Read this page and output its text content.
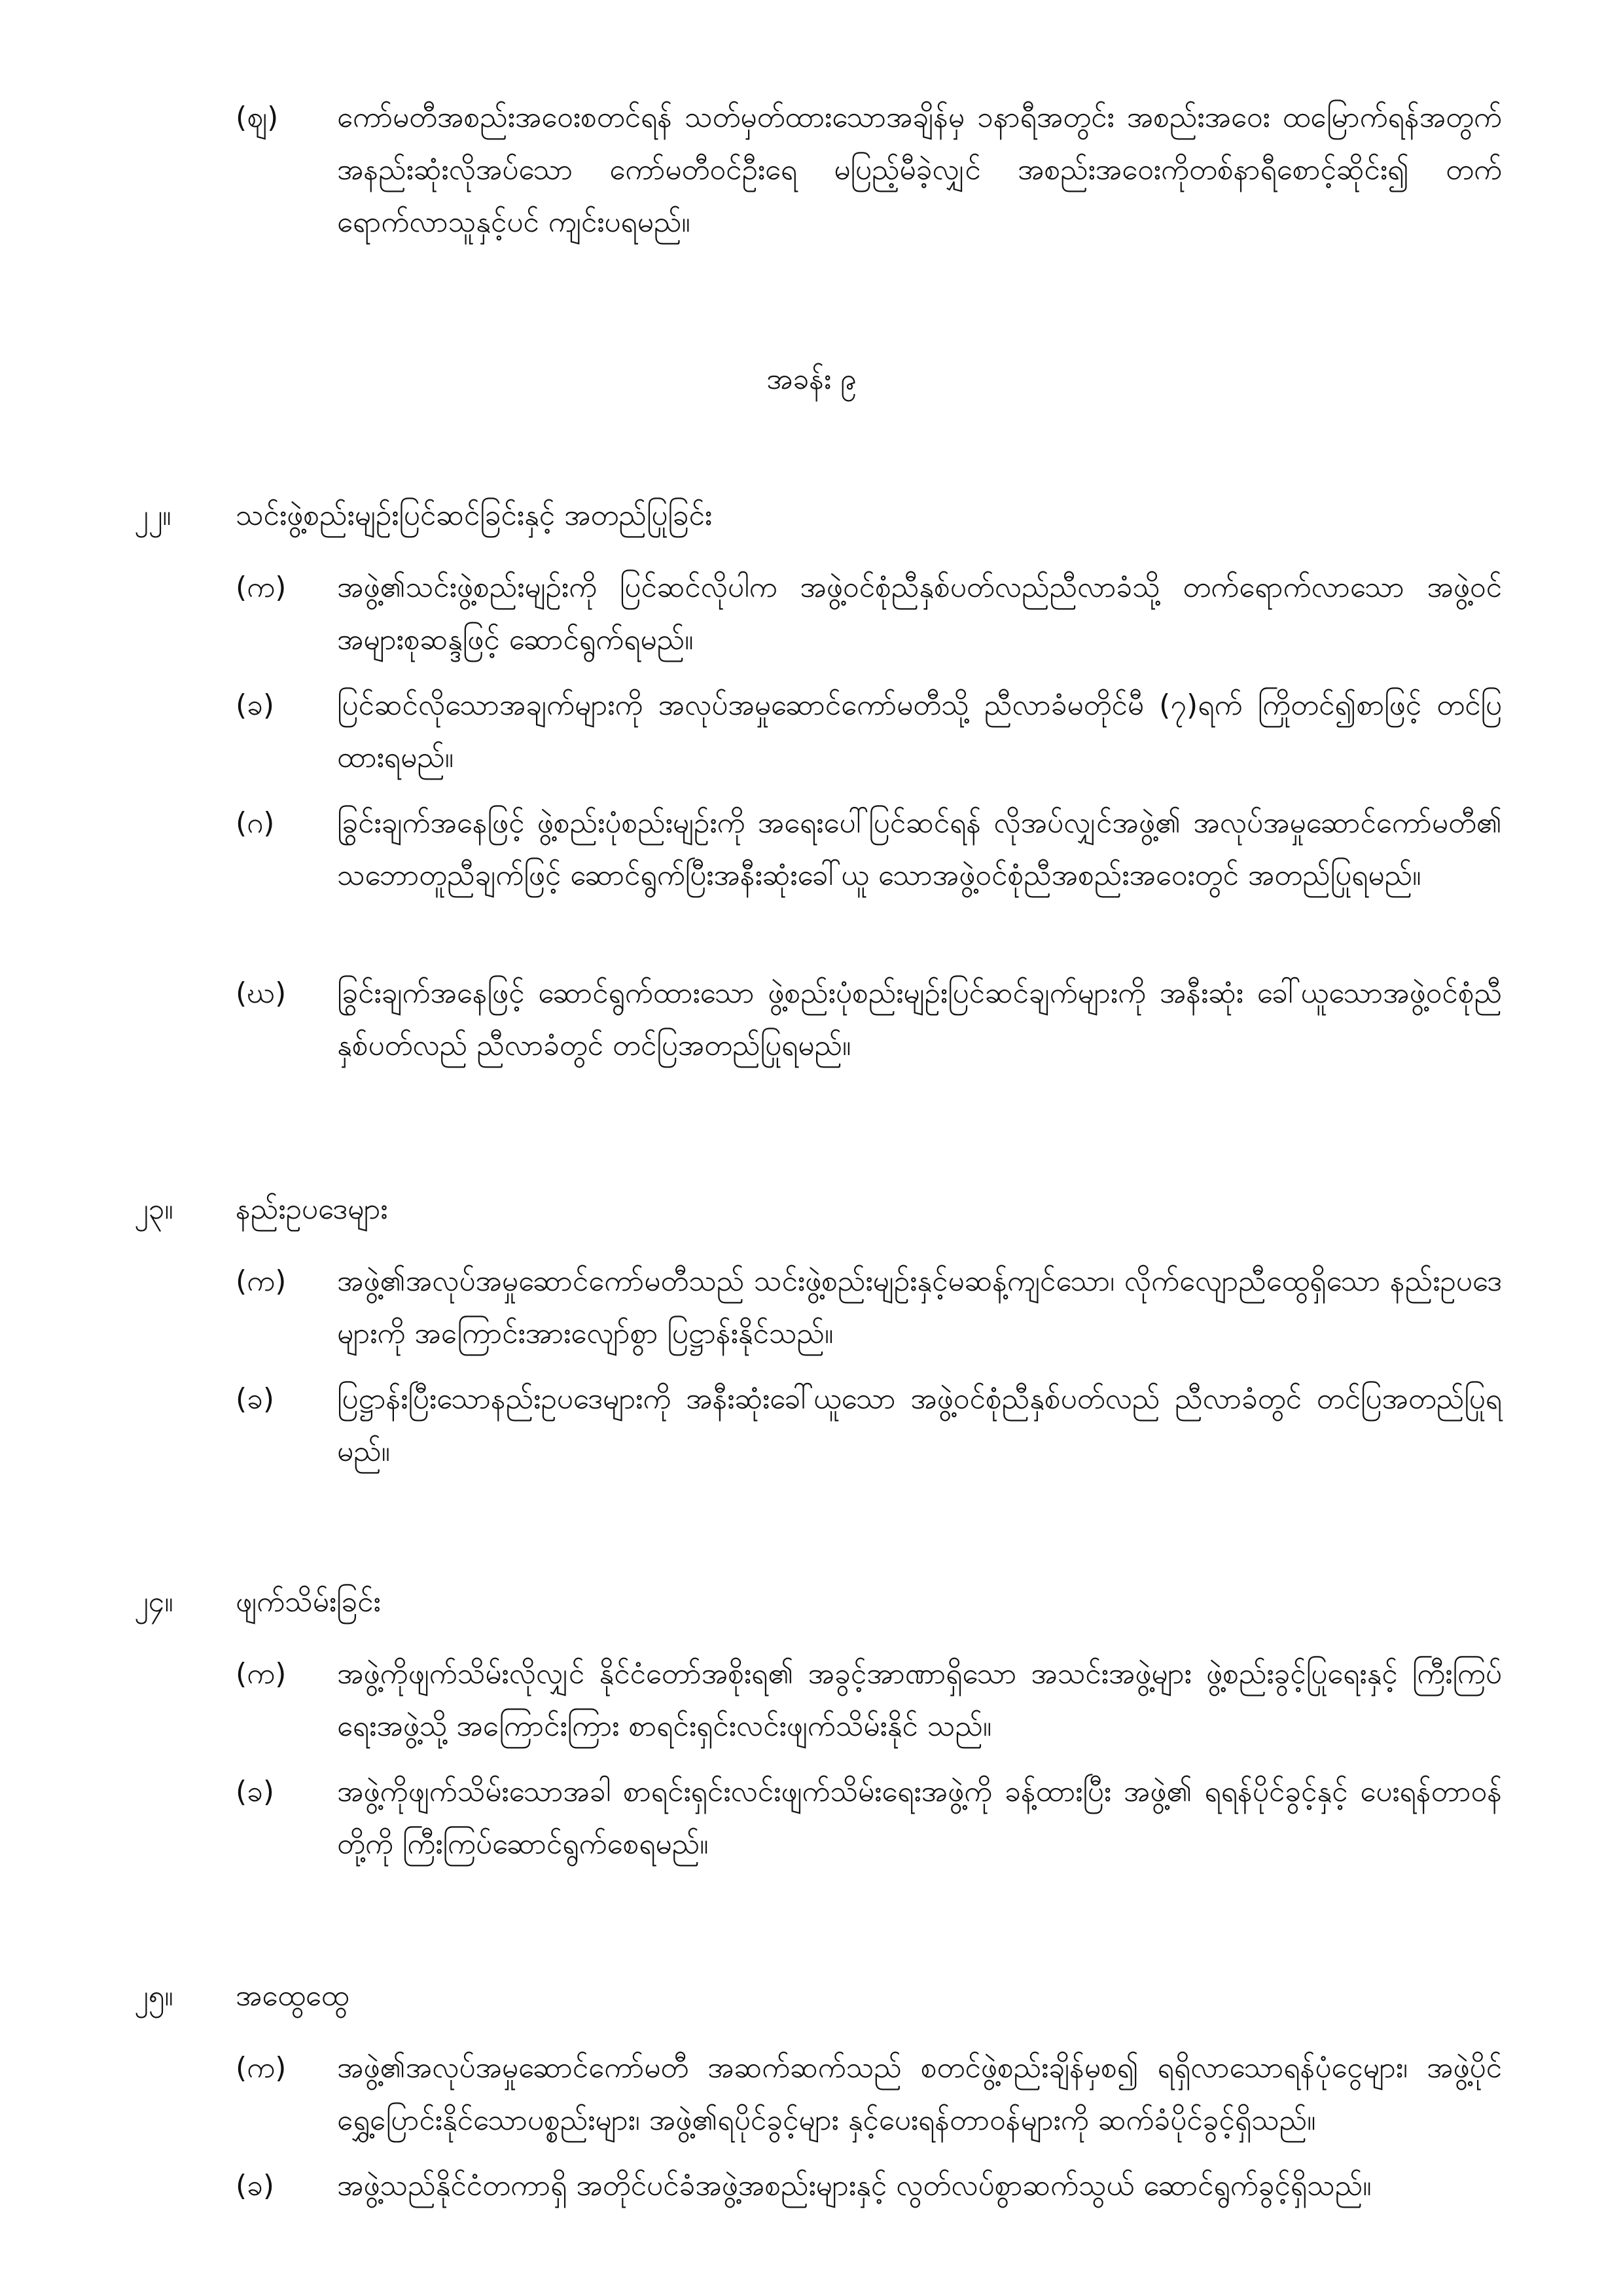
(ဈ) ကော်မတီအစည်းအဝေးစတင်ရန် သတ်မှတ်ထားသောအချိန်မှ ၁နာရီအတွင်း အစည်းအဝေး ထမြောက်ရန်အတွက် အနည်းဆုံးလိုအပ်သော ကော်မတီဝင်ဦးရေ မပြည့်မီခဲ့လျှင် အစည်းအဝေးကိုတစ်နာရီစောင့်ဆိုင်း၍ တက်ရောက်လာသူနှင့်ပင် ကျင်းပရမည်။
အခန်း ၉
၂၂။ သင်းဖွဲ့စည်းမျဉ်းပြင်ဆင်ခြင်းနှင့် အတည်ပြုခြင်း
(က) အဖွဲ့၏သင်းဖွဲ့စည်းမျဉ်းကို ပြင်ဆင်လိုပါက အဖွဲ့ဝင်စုံညီနှစ်ပတ်လည်ညီလာခံသို့ တက်ရောက်လာသော အဖွဲ့ဝင်အများစုဆန္ဒဖြင့် ဆောင်ရွက်ရမည်။
(ခ) ပြင်ဆင်လိုသောအချက်များကို အလုပ်အမှုဆောင်ကော်မတီသို့ ညီလာခံမတိုင်မီ (၇)ရက် ကြိုတင်၍စာဖြင့် တင်ပြထားရမည်။
(ဂ) ခြွင်းချက်အနေဖြင့် ဖွဲ့စည်းပုံစည်းမျဉ်းကို အရေးပေါ်ပြင်ဆင်ရန် လိုအပ်လျှင်အဖွဲ့၏ အလုပ်အမှုဆောင်ကော်မတီ၏ သဘောတူညီချက်ဖြင့် ဆောင်ရွက်ပြီးအနီးဆုံးခေါ်ယူ သောအဖွဲ့ဝင်စုံညီအစည်းအဝေးတွင် အတည်ပြုရမည်။
(ဃ) ခြွင်းချက်အနေဖြင့် ဆောင်ရွက်ထားသော ဖွဲ့စည်းပုံစည်းမျဉ်းပြင်ဆင်ချက်များကို အနီးဆုံး ခေါ်ယူသောအဖွဲ့ဝင်စုံညီနှစ်ပတ်လည် ညီလာခံတွင် တင်ပြအတည်ပြုရမည်။
၂၃။ နည်းဥပဒေများ
(က) အဖွဲ့၏အလုပ်အမှုဆောင်ကော်မတီသည် သင်းဖွဲ့စည်းမျဉ်းနှင့်မဆန့်ကျင်သော၊ လိုက်လျောညီထွေရှိသော နည်းဥပဒေများကို အကြောင်းအားလျော်စွာ ပြဋ္ဌာန်းနိုင်သည်။
(ခ) ပြဋ္ဌာန်းပြီးသောနည်းဥပဒေများကို အနီးဆုံးခေါ်ယူသော အဖွဲ့ဝင်စုံညီနှစ်ပတ်လည် ညီလာခံတွင် တင်ပြအတည်ပြုရမည်။
၂၄။ ဖျက်သိမ်းခြင်း
(က) အဖွဲ့ကိုဖျက်သိမ်းလိုလျှင် နိုင်ငံတော်အစိုးရ၏ အခွင့်အာဏာရှိသော အသင်းအဖွဲ့များ ဖွဲ့စည်းခွင့်ပြုရေးနှင့် ကြီးကြပ်ရေးအဖွဲ့သို့ အကြောင်းကြား စာရင်းရှင်းလင်းဖျက်သိမ်းနိုင် သည်။
(ခ) အဖွဲ့ကိုဖျက်သိမ်းသောအခါ စာရင်းရှင်းလင်းဖျက်သိမ်းရေးအဖွဲ့ကို ခန့်ထားပြီး အဖွဲ့၏ ရရန်ပိုင်ခွင့်နှင့် ပေးရန်တာဝန်တို့ကို ကြီးကြပ်ဆောင်ရွက်စေရမည်။
၂၅။ အထွေထွေ
(က) အဖွဲ့၏အလုပ်အမှုဆောင်ကော်မတီ အဆက်ဆက်သည် စတင်ဖွဲ့စည်းချိန်မှစ၍ ရရှိလာသောရန်ပုံငွေများ၊ အဖွဲ့ပိုင်ရွှေ့ပြောင်းနိုင်သောပစ္စည်းများ၊ အဖွဲ့၏ရပိုင်ခွင့်များ နှင့်ပေးရန်တာဝန်များကို ဆက်ခံပိုင်ခွင့်ရှိသည်။
(ခ) အဖွဲ့သည်နိုင်ငံတကာရှိ အတိုင်ပင်ခံအဖွဲ့အစည်းများနှင့် လွတ်လပ်စွာဆက်သွယ် ဆောင်ရွက်ခွင့်ရှိသည်။
